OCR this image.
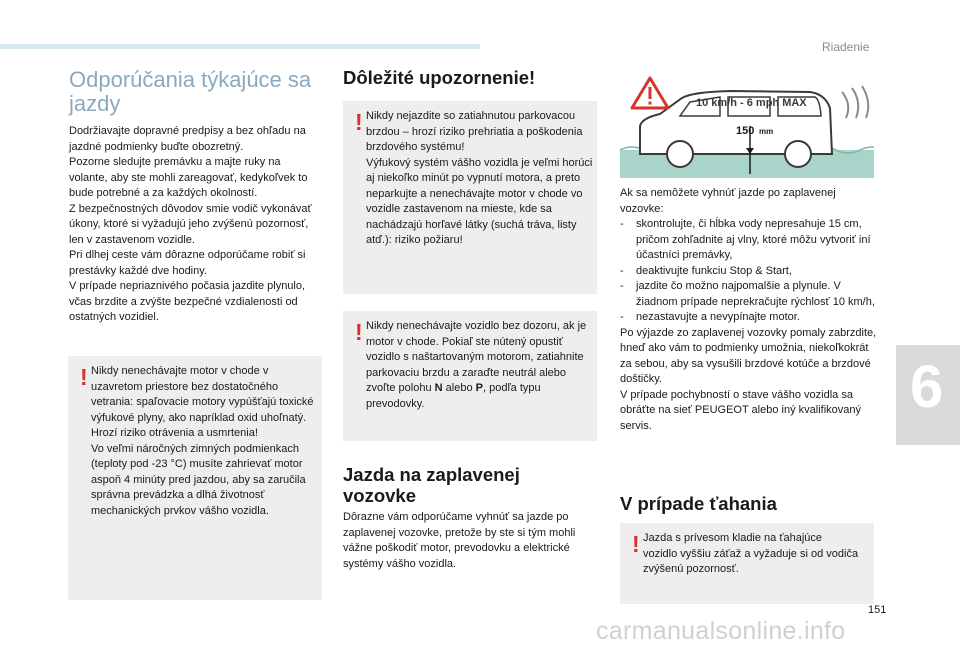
Riadenie
6
151
carmanualsonline.info
Odporúčania týkajúce sa jazdy
Dodržiavajte dopravné predpisy a bez ohľadu na jazdné podmienky buďte obozretný.
Pozorne sledujte premávku a majte ruky na volante, aby ste mohli zareagovať, kedykoľvek to bude potrebné a za každých okolností.
Z bezpečnostných dôvodov smie vodič vykonávať úkony, ktoré si vyžadujú jeho zvýšenú pozornosť, len v zastavenom vozidle.
Pri dlhej ceste vám dôrazne odporúčame robiť si prestávky každé dve hodiny.
V prípade nepriaznivého počasia jazdite plynulo, včas brzdite a zvýšte bezpečné vzdialenosti od ostatných vozidiel.
! Nikdy nenechávajte motor v chode v uzavretom priestore bez dostatočného vetrania: spaľovacie motory vypúšťajú toxické výfukové plyny, ako napríklad oxid uhoľnatý. Hrozí riziko otrávenia a usmrtenia!
Vo veľmi náročných zimných podmienkach (teploty pod -23 °C) musíte zahrievať motor aspoň 4 minúty pred jazdou, aby sa zaručila správna prevádzka a dlhá životnosť mechanických prvkov vášho vozidla.
Dôležité upozornenie!
! Nikdy nejazdite so zatiahnutou parkovacou brzdou – hrozí riziko prehriatia a poškodenia brzdového systému!
Výfukový systém vášho vozidla je veľmi horúci aj niekoľko minút po vypnutí motora, a preto neparkujte a nenechávajte motor v chode vo vozidle zastavenom na mieste, kde sa nachádzajú horľavé látky (suchá tráva, listy atď.): riziko požiaru!
! Nikdy nenechávajte vozidlo bez dozoru, ak je motor v chode. Pokiaľ ste nútený opustiť vozidlo s naštartovaným motorom, zatiahnite parkovaciu brzdu a zaraďte neutrál alebo zvoľte polohu N alebo P, podľa typu prevodovky.
Jazda na zaplavenej vozovke
Dôrazne vám odporúčame vyhnúť sa jazde po zaplavenej vozovke, pretože by ste si tým mohli vážne poškodiť motor, prevodovku a elektrické systémy vášho vozidla.
10 km/h - 6 mph MAX
150 mm
Ak sa nemôžete vyhnúť jazde po zaplavenej vozovke:
- skontrolujte, či hĺbka vody nepresahuje 15 cm, pričom zohľadnite aj vlny, ktoré môžu vytvoriť iní účastníci premávky,
- deaktivujte funkciu Stop & Start,
- jazdite čo možno najpomalšie a plynule. V žiadnom prípade neprekračujte rýchlosť 10 km/h,
- nezastavujte a nevypínajte motor.
Po výjazde zo zaplavenej vozovky pomaly zabrzdite, hneď ako vám to podmienky umožnia, niekoľkokrát za sebou, aby sa vysušili brzdové kotúče a brzdové doštičky.
V prípade pochybností o stave vášho vozidla sa obráťte na sieť PEUGEOT alebo iný kvalifikovaný servis.
V prípade ťahania
! Jazda s prívesom kladie na ťahajúce vozidlo vyššiu záťaž a vyžaduje si od vodiča zvýšenú pozornosť.
